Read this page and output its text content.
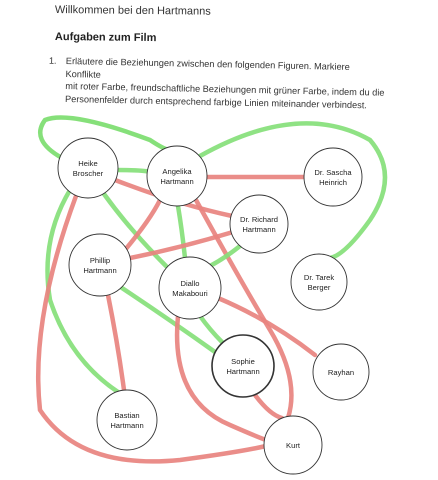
Willkommen bei den Hartmanns
Aufgaben zum Film
1. Erläutere die Beziehungen zwischen den folgenden Figuren. Markiere Konflikte
mit roter Farbe, freundschaftliche Beziehungen mit grüner Farbe, indem du die
Personenfelder durch entsprechend farbige Linien miteinander verbindest.
Heike
Broscher	Angelika
Hartmann
Dr. Sascha
Heinrich
Dr. Richard
Hartmann
Phillip
Hartmann
Diallo
Makabouri
Dr. Tarek
Berger
Sophie
Hartmann	Rayhan
Bastian
Hartmann
Kurt
